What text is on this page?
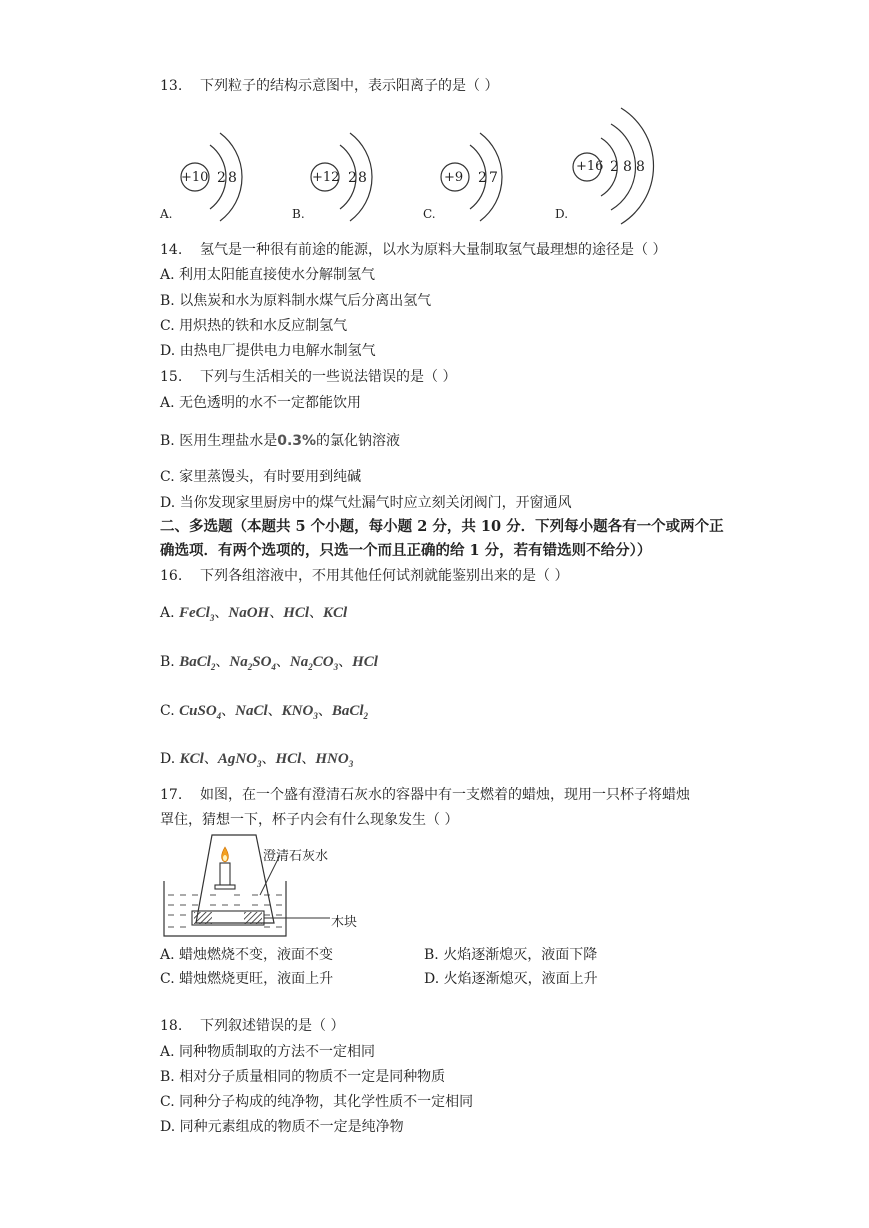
13. 下列粒子的结构示意图中，表示阳离子的是（ ）
+10 2 8
A.
+12 2 8
B.
+9 2 7
C.
+16 2 8 8
D.
14. 氢气是一种很有前途的能源，以水为原料大量制取氢气最理想的途径是（ ）
A. 利用太阳能直接使水分解制氢气
B. 以焦炭和水为原料制水煤气后分离出氢气
C. 用炽热的铁和水反应制氢气
D. 由热电厂提供电力电解水制氢气
15. 下列与生活相关的一些说法错误的是（ ）
A. 无色透明的水不一定都能饮用
B. 医用生理盐水是0.3%的氯化钠溶液
C. 家里蒸馒头，有时要用到纯碱
D. 当你发现家里厨房中的煤气灶漏气时应立刻关闭阀门，开窗通风
二、多选题（本题共 5 个小题，每小题 2 分，共 10 分．下列每小题各有一个或两个正
确选项．有两个选项的，只选一个而且正确的给 1 分，若有错选则不给分））
16. 下列各组溶液中，不用其他任何试剂就能鉴别出来的是（ ）
A. FeCl$_3$、NaOH、HCl、KCl
B. BaCl$_2$、$Na_2SO_4$、$Na_2CO_3$、HCl
C. CuSO$_4$、NaCl、$KNO_3$、BaCl$_2$
D. KCl、AgNO$_3$、HCl、$HNO_3$
17. 如图，在一个盛有澄清石灰水的容器中有一支燃着的蜡烛，现用一只杯子将蜡烛
罩住，猜想一下，杯子内会有什么现象发生（ ）
澄清石灰水
木块
A. 蜡烛燃烧不变，液面不变	B. 火焰逐渐熄灭，液面下降
C. 蜡烛燃烧更旺，液面上升	D. 火焰逐渐熄灭，液面上升
18. 下列叙述错误的是（ ）
A. 同种物质制取的方法不一定相同
B. 相对分子质量相同的物质不一定是同种物质
C. 同种分子构成的纯净物，其化学性质不一定相同
D. 同种元素组成的物质不一定是纯净物
